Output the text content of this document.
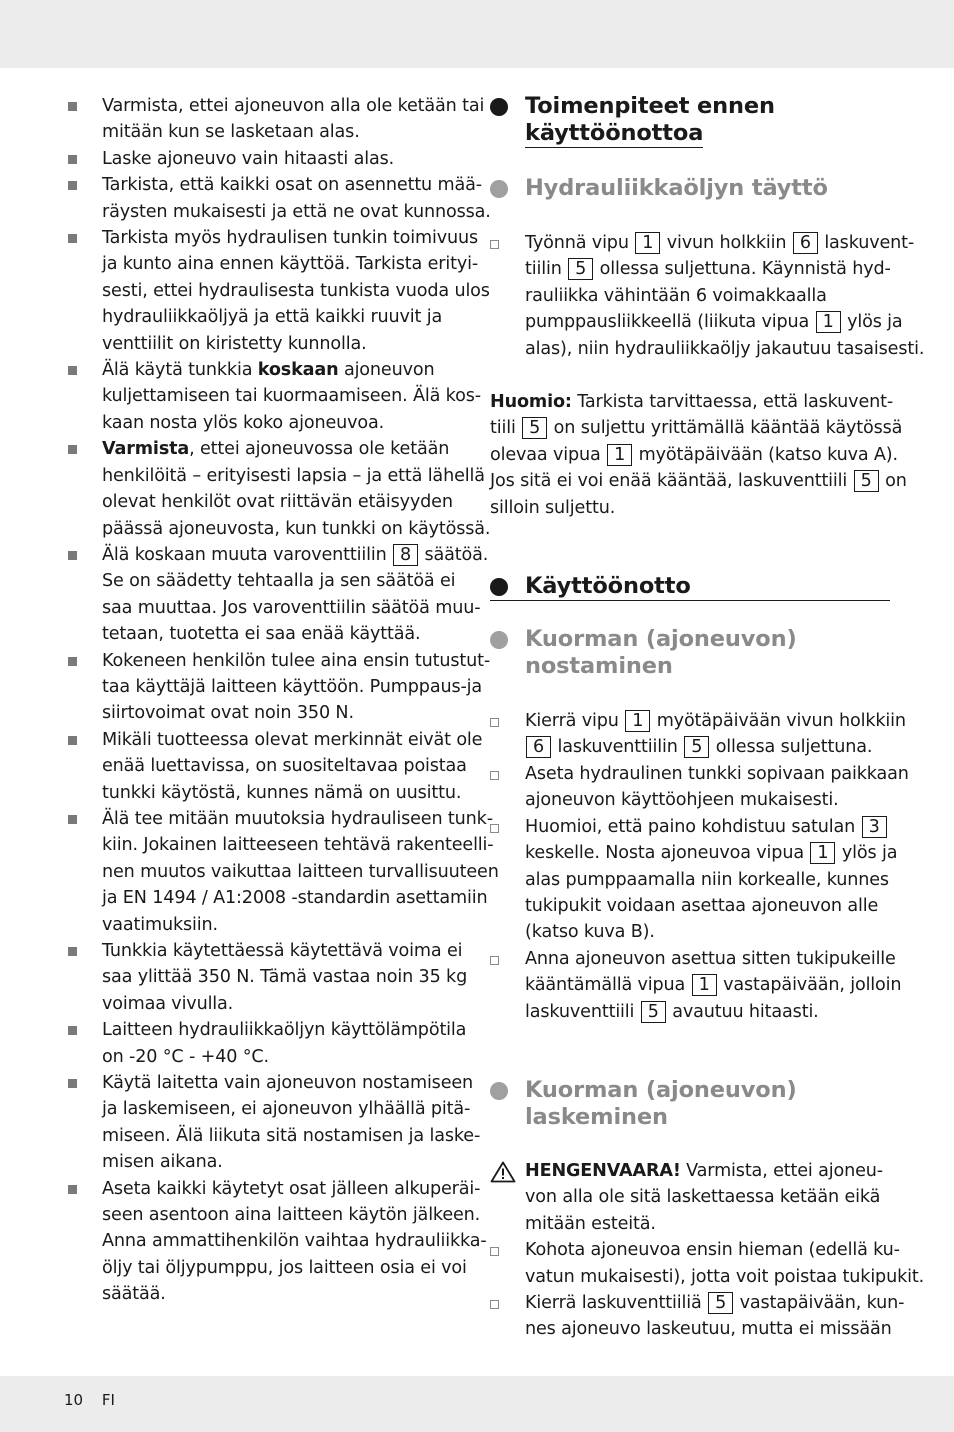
Varmista, ettei ajoneuvon alla ole ketään tai
mitään kun se lasketaan alas.
Laske ajoneuvo vain hitaasti alas.
Tarkista, että kaikki osat on asennettu mää-
räysten mukaisesti ja että ne ovat kunnossa.
Tarkista myös hydraulisen tunkin toimivuus
ja kunto aina ennen käyttöä. Tarkista erityi-
sesti, ettei hydraulisesta tunkista vuoda ulos
hydrauliikkaöljyä ja että kaikki ruuvit ja
venttiilit on kiristetty kunnolla.
Älä käytä tunkkia koskaan ajoneuvon
kuljettamiseen tai kuormaamiseen. Älä kos-
kaan nosta ylös koko ajoneuvoa.
Varmista, ettei ajoneuvossa ole ketään
henkilöitä – erityisesti lapsia – ja että lähellä
olevat henkilöt ovat riittävän etäisyyden
päässä ajoneuvosta, kun tunkki on käytössä.
Älä koskaan muuta varoventtiilin 8 säätöä.
Se on säädetty tehtaalla ja sen säätöä ei
saa muuttaa. Jos varoventtiilin säätöä muu-
tetaan, tuotetta ei saa enää käyttää.
Kokeneen henkilön tulee aina ensin tutustut-
taa käyttäjä laitteen käyttöön. Pumppaus-ja
siirtovoimat ovat noin 350 N.
Mikäli tuotteessa olevat merkinnät eivät ole
enää luettavissa, on suositeltavaa poistaa
tunkki käytöstä, kunnes nämä on uusittu.
Älä tee mitään muutoksia hydrauliseen tunk-
kiin. Jokainen laitteeseen tehtävä rakenteelli-
nen muutos vaikuttaa laitteen turvallisuuteen
ja EN 1494 / A1:2008 -standardin asettamiin
vaatimuksiin.
Tunkkia käytettäessä käytettävä voima ei
saa ylittää 350 N. Tämä vastaa noin 35 kg
voimaa vivulla.
Laitteen hydrauliikkaöljyn käyttölämpötila
on -20 °C - +40 °C.
Käytä laitetta vain ajoneuvon nostamiseen
ja laskemiseen, ei ajoneuvon ylhäällä pitä-
miseen. Älä liikuta sitä nostamisen ja laske-
misen aikana.
Aseta kaikki käytetyt osat jälleen alkuperäi-
seen asentoon aina laitteen käytön jälkeen.
Anna ammattihenkilön vaihtaa hydrauliikka-
öljy tai öljypumppu, jos laitteen osia ei voi
säätää.
Toimenpiteet ennen

käyttöönottoa
Hydrauliikkaöljyn täyttö
Työnnä vipu 1 vivun holkkiin 6 laskuvent-
tiilin 5 ollessa suljettuna. Käynnistä hyd-
rauliikka vähintään 6 voimakkaalla
pumppausliikkeellä (liikuta vipua 1 ylös ja
alas), niin hydrauliikkaöljy jakautuu tasaisesti.
Huomio: Tarkista tarvittaessa, että laskuvent-
tiili 5 on suljettu yrittämällä kääntää käytössä
olevaa vipua 1 myötäpäivään (katso kuva A).
Jos sitä ei voi enää kääntää, laskuventtiili 5 on
silloin suljettu.
Käyttöönotto
Kuorman (ajoneuvon)
nostaminen
Kierrä vipu 1 myötäpäivään vivun holkkiin
6 laskuventtiilin 5 ollessa suljettuna.
Aseta hydraulinen tunkki sopivaan paikkaan
ajoneuvon käyttöohjeen mukaisesti.
Huomioi, että paino kohdistuu satulan 3
keskelle. Nosta ajoneuvoa vipua 1 ylös ja
alas pumppaamalla niin korkealle, kunnes
tukipukit voidaan asettaa ajoneuvon alle
(katso kuva B).
Anna ajoneuvon asettua sitten tukipukeille
kääntämällä vipua 1 vastapäivään, jolloin
laskuventtiili 5 avautuu hitaasti.
Kuorman (ajoneuvon)
laskeminen
HENGENVAARA! Varmista, ettei ajoneu-
von alla ole sitä laskettaessa ketään eikä
mitään esteitä.
Kohota ajoneuvoa ensin hieman (edellä ku-
vatun mukaisesti), jotta voit poistaa tukipukit.
Kierrä laskuventtiiliä 5 vastapäivään, kun-
nes ajoneuvo laskeutuu, mutta ei missään
10 FI
